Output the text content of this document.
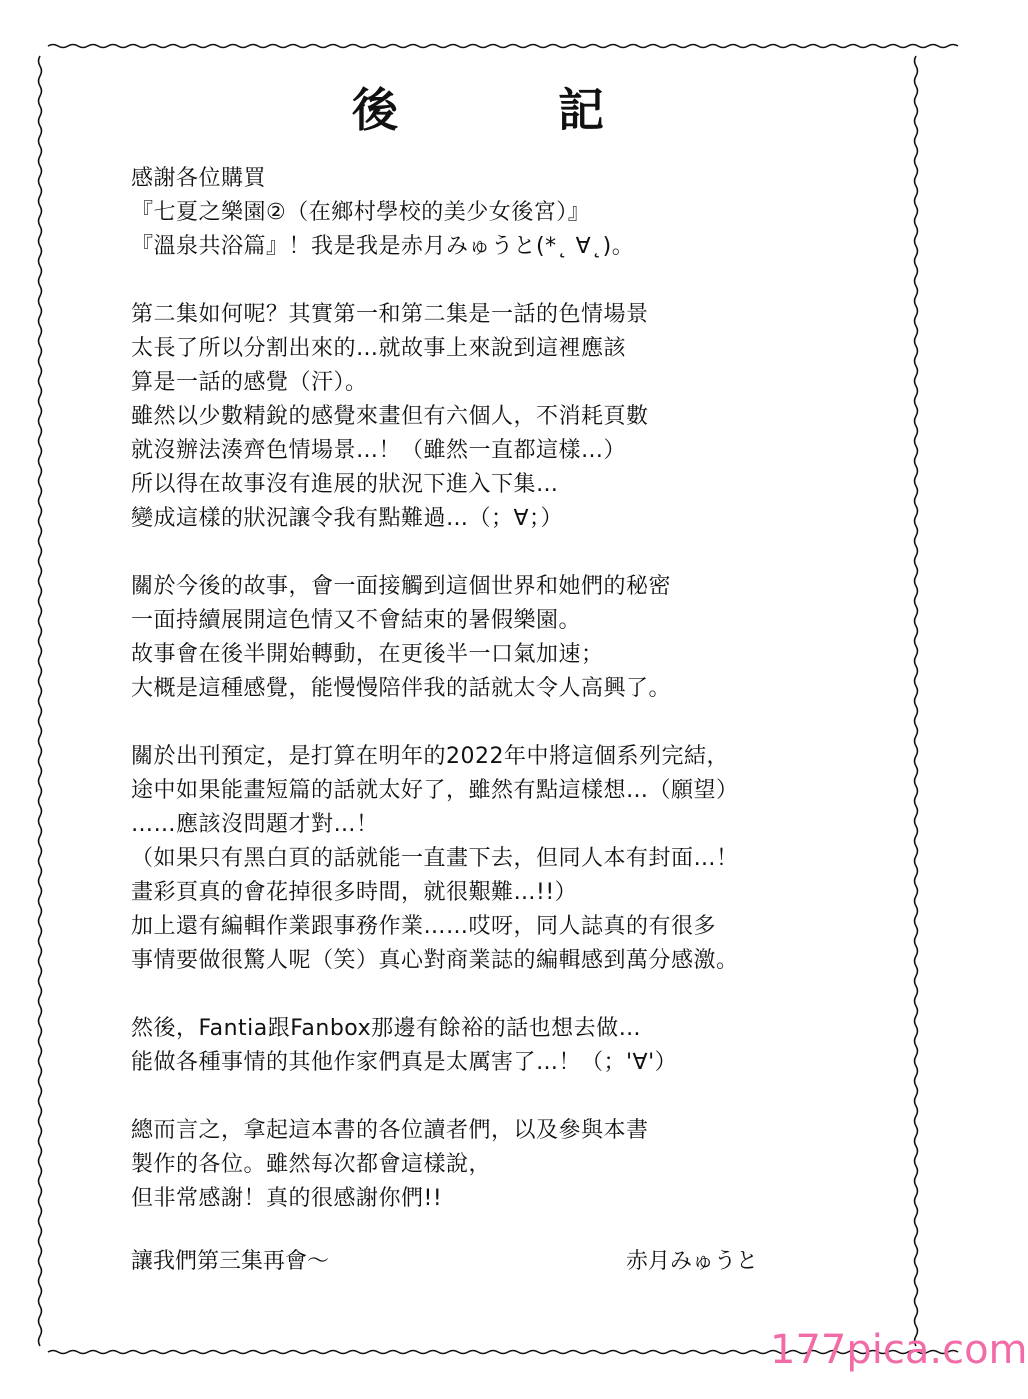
後	記
感謝各位購買
『七夏之樂園②（在鄉村學校的美少女後宮）』
『溫泉共浴篇』！我是我是赤月みゅうと(*˛ ∀˛)。
第二集如何呢？其實第一和第二集是一話的色情場景
太長了所以分割出來的…就故事上來說到這裡應該
算是一話的感覺（汗）。
雖然以少數精銳的感覺來畫但有六個人，不消耗頁數
就沒辦法湊齊色情場景…！（雖然一直都這樣…）
所以得在故事沒有進展的狀況下進入下集…
變成這樣的狀況讓令我有點難過…（；∀；）
關於今後的故事，會一面接觸到這個世界和她們的秘密
一面持續展開這色情又不會結束的暑假樂園。
故事會在後半開始轉動，在更後半一口氣加速；
大概是這種感覺，能慢慢陪伴我的話就太令人高興了。
關於出刊預定，是打算在明年的2022年中將這個系列完結，
途中如果能畫短篇的話就太好了，雖然有點這樣想…（願望）
……應該沒問題才對…！
（如果只有黑白頁的話就能一直畫下去，但同人本有封面…！
畫彩頁真的會花掉很多時間，就很艱難…!!）
加上還有編輯作業跟事務作業……哎呀，同人誌真的有很多
事情要做很驚人呢（笑）真心對商業誌的編輯感到萬分感激。
然後，Fantia跟Fanbox那邊有餘裕的話也想去做…
能做各種事情的其他作家們真是太厲害了…！（；'∀'）
總而言之，拿起這本書的各位讀者們，以及參與本書
製作的各位。雖然每次都會這樣說，
但非常感謝！真的很感謝你們!!
讓我們第三集再會～	赤月みゅうと
177pica.com
